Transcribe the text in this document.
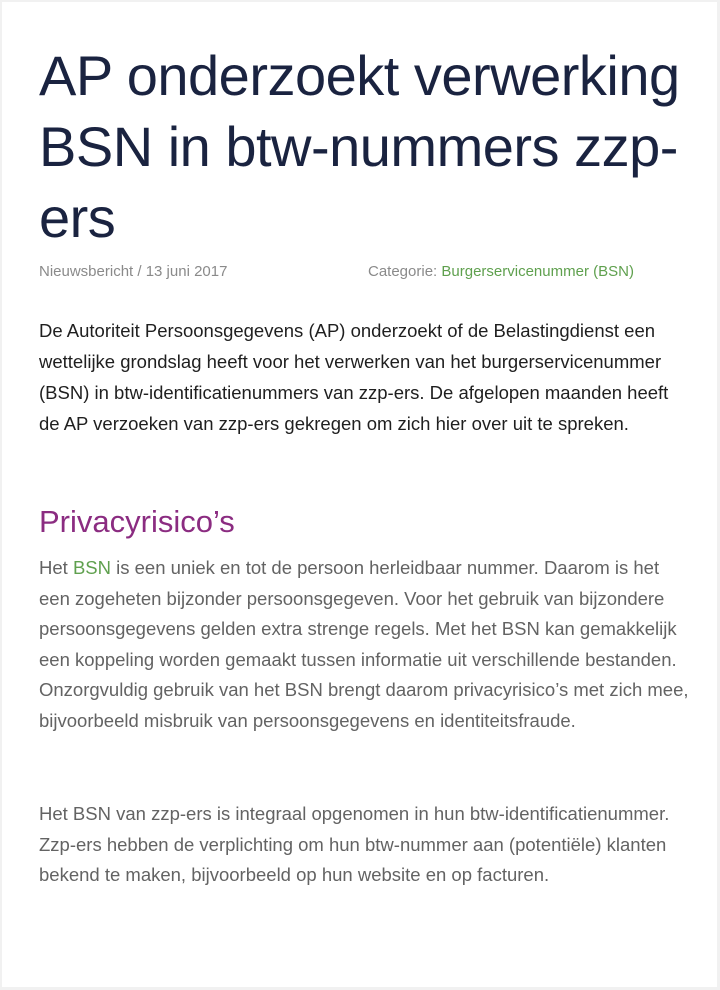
AP onderzoekt verwerking BSN in btw-nummers zzp-ers
Nieuwsbericht / 13 juni 2017	Categorie: Burgerservicenummer (BSN)

De Autoriteit Persoonsgegevens (AP) onderzoekt of de Belastingdienst een wettelijke grondslag heeft voor het verwerken van het burgerservicenummer (BSN) in btw-identificatienummers van zzp-ers. De afgelopen maanden heeft de AP verzoeken van zzp-ers gekregen om zich hier over uit te spreken.

Privacyrisico’s

Het BSN is een uniek en tot de persoon herleidbaar nummer. Daarom is het een zogeheten bijzonder persoonsgegeven. Voor het gebruik van bijzondere persoonsgegevens gelden extra strenge regels. Met het BSN kan gemakkelijk een koppeling worden gemaakt tussen informatie uit verschillende bestanden. Onzorgvuldig gebruik van het BSN brengt daarom privacyrisico’s met zich mee, bijvoorbeeld misbruik van persoonsgegevens en identiteitsfraude.

Het BSN van zzp-ers is integraal opgenomen in hun btw-identificatienummer. Zzp-ers hebben de verplichting om hun btw-nummer aan (potentiële) klanten bekend te maken, bijvoorbeeld op hun website en op facturen.
